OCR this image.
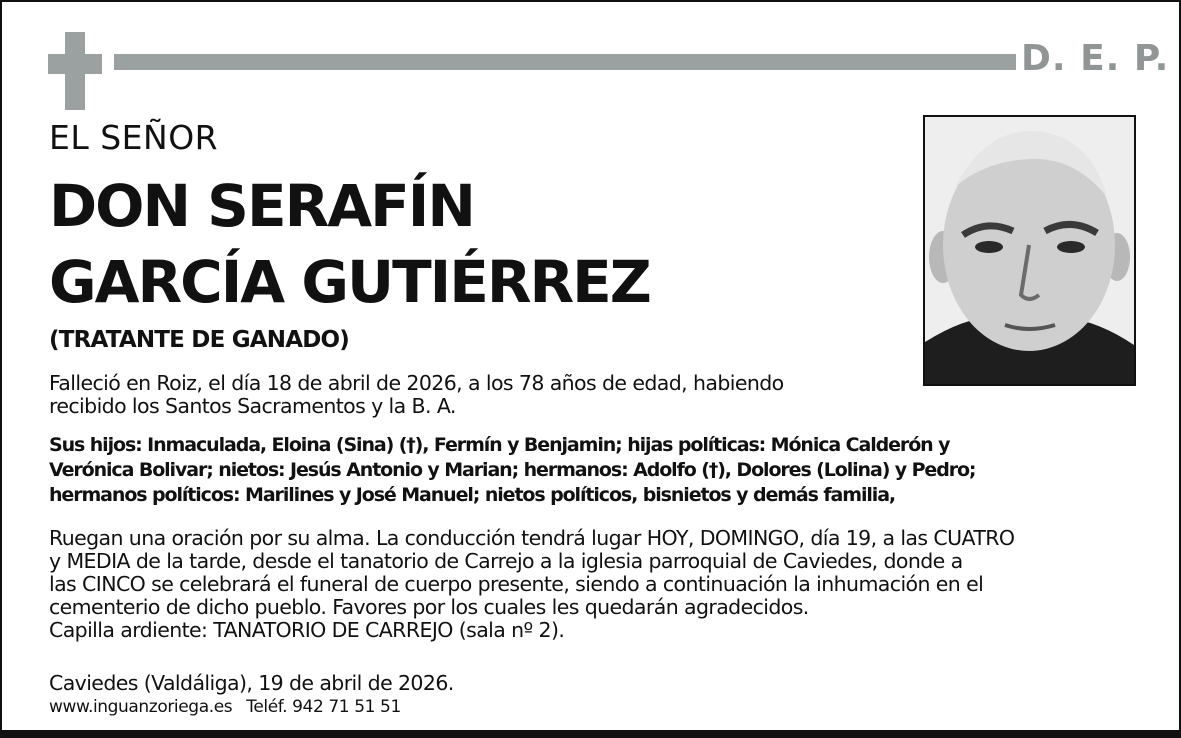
D. E. P.
EL SEÑOR
DON SERAFÍN
GARCÍA GUTIÉRREZ
(TRATANTE DE GANADO)
Falleció en Roiz, el día 18 de abril de 2026, a los 78 años de edad, habiendo
recibido los Santos Sacramentos y la B. A.
Sus hijos: Inmaculada, Eloina (Sina) (†), Fermín y Benjamin; hijas políticas: Mónica Calderón y
Verónica Bolivar; nietos: Jesús Antonio y Marian; hermanos: Adolfo (†), Dolores (Lolina) y Pedro;
hermanos políticos: Marilines y José Manuel; nietos políticos, bisnietos y demás familia,
Ruegan una oración por su alma. La conducción tendrá lugar HOY, DOMINGO, día 19, a las CUATRO
y MEDIA de la tarde, desde el tanatorio de Carrejo a la iglesia parroquial de Caviedes, donde a
las CINCO se celebrará el funeral de cuerpo presente, siendo a continuación la inhumación en el
cementerio de dicho pueblo. Favores por los cuales les quedarán agradecidos.
Capilla ardiente: TANATORIO DE CARREJO (sala nº 2).
Caviedes (Valdáliga), 19 de abril de 2026.
www.inguanzoriega.es Teléf. 942 71 51 51
